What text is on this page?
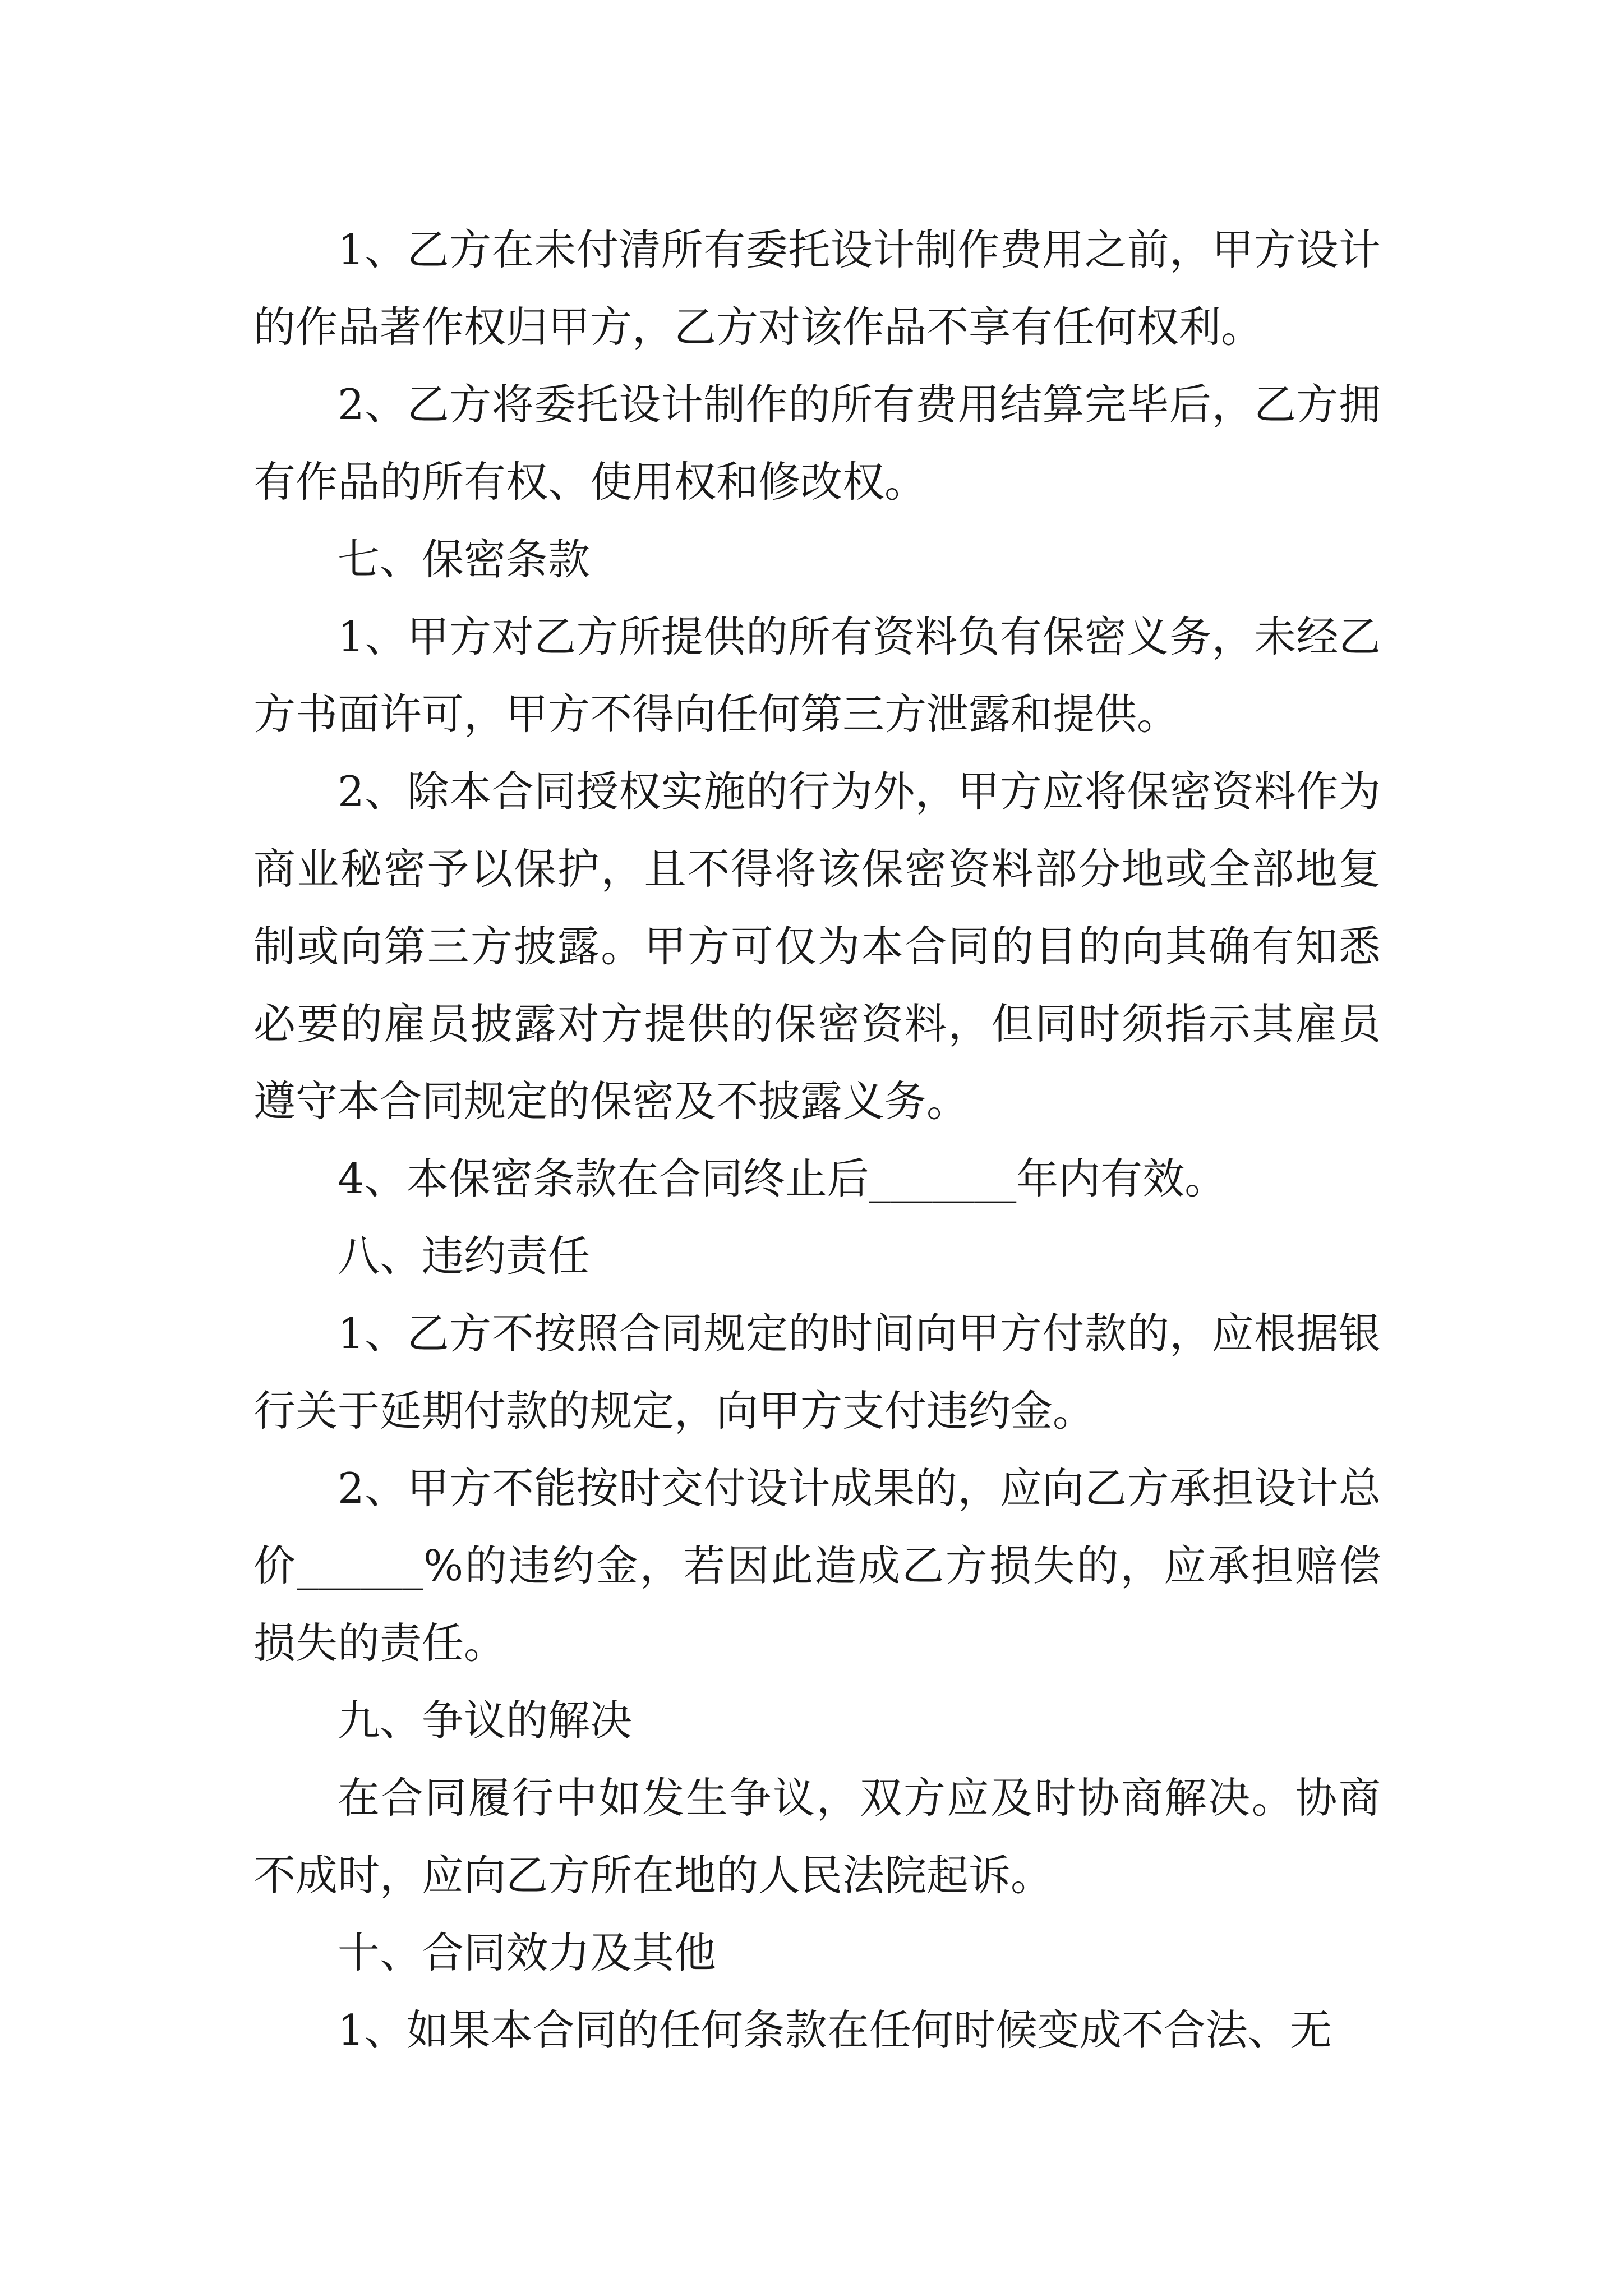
1、乙方在未付清所有委托设计制作费用之前，甲方设计的作品著作权归甲方，乙方对该作品不享有任何权利。

2、乙方将委托设计制作的所有费用结算完毕后，乙方拥有作品的所有权、使用权和修改权。

七、保密条款

1、甲方对乙方所提供的所有资料负有保密义务，未经乙方书面许可，甲方不得向任何第三方泄露和提供。

2、除本合同授权实施的行为外，甲方应将保密资料作为商业秘密予以保护，且不得将该保密资料部分地或全部地复制或向第三方披露。甲方可仅为本合同的目的向其确有知悉必要的雇员披露对方提供的保密资料，但同时须指示其雇员遵守本合同规定的保密及不披露义务。

4、本保密条款在合同终止后_______年内有效。

八、违约责任

1、乙方不按照合同规定的时间向甲方付款的，应根据银行关于延期付款的规定，向甲方支付违约金。

2、甲方不能按时交付设计成果的，应向乙方承担设计总价______%的违约金，若因此造成乙方损失的，应承担赔偿损失的责任。

九、争议的解决

在合同履行中如发生争议，双方应及时协商解决。协商不成时，应向乙方所在地的人民法院起诉。

十、合同效力及其他

1、如果本合同的任何条款在任何时候变成不合法、无
